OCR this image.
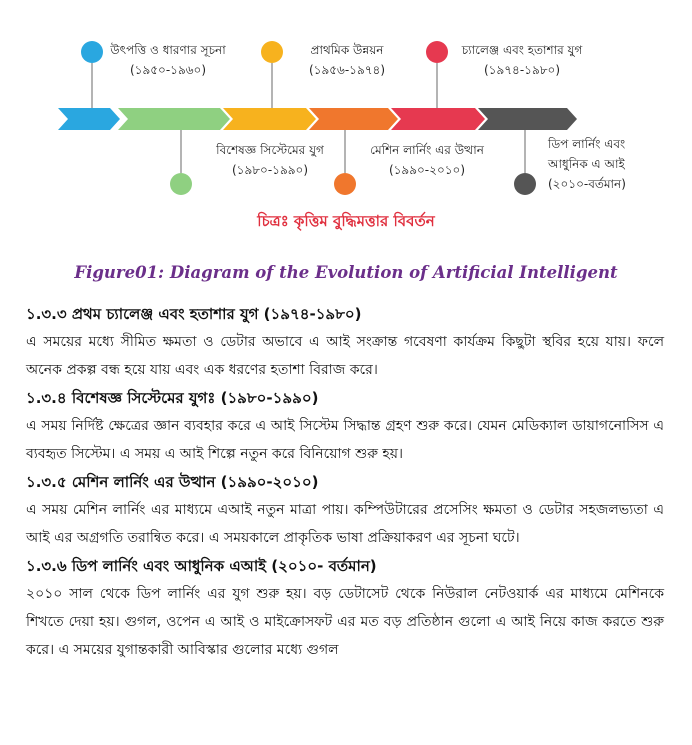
উৎপত্তি ও ধারণার সূচনা
(১৯৫০-১৯৬০)
প্রাথমিক উন্নয়ন
(১৯৫৬-১৯৭৪)
চ্যালেঞ্জ এবং হতাশার যুগ
(১৯৭৪-১৯৮০)
বিশেষজ্ঞ সিস্টেমের যুগ
(১৯৮০-১৯৯০)
মেশিন লার্নিং এর উত্থান
(১৯৯০-২০১০)
ডিপ লার্নিং এবং
আধুনিক এ আই
(২০১০-বর্তমান)
চিত্রঃ কৃত্তিম বুদ্ধিমত্তার বিবর্তন
Figure01: Diagram of the Evolution of Artificial Intelligent

১.৩.৩ প্রথম চ্যালেঞ্জ এবং হতাশার যুগ (১৯৭৪-১৯৮০)

এ সময়ের মধ্যে সীমিত ক্ষমতা ও ডেটার অভাবে এ আই সংক্রান্ত গবেষণা কার্যক্রম কিছুটা স্থবির হয়ে যায়। ফলে অনেক প্রকল্প বন্ধ হয়ে যায় এবং এক ধরণের হতাশা বিরাজ করে।

১.৩.৪ বিশেষজ্ঞ সিস্টেমের যুগঃ (১৯৮০-১৯৯০)

এ সময় নির্দিষ্ট ক্ষেত্রের জ্ঞান ব্যবহার করে এ আই সিস্টেম সিদ্ধান্ত গ্রহণ শুরু করে। যেমন মেডিক্যাল ডায়াগনোসিস এ ব্যবহৃত সিস্টেম। এ সময় এ আই শিল্পে নতুন করে বিনিয়োগ শুরু হয়।

১.৩.৫ মেশিন লার্নিং এর উত্থান (১৯৯০-২০১০)

এ সময় মেশিন লার্নিং এর মাধ্যমে এআই নতুন মাত্রা পায়। কম্পিউটারের প্রসেসিং ক্ষমতা ও ডেটার সহজলভ্যতা এ আই এর অগ্রগতি তরান্বিত করে। এ সময়কালে প্রাকৃতিক ভাষা প্রক্রিয়াকরণ এর সূচনা ঘটে।

১.৩.৬ ডিপ লার্নিং এবং আধুনিক এআই (২০১০- বর্তমান)

২০১০ সাল থেকে ডিপ লার্নিং এর যুগ শুরু হয়। বড় ডেটাসেট থেকে নিউরাল নেটওয়ার্ক এর মাধ্যমে মেশিনকে শিখতে দেয়া হয়। গুগল, ওপেন এ আই ও মাইক্রোসফট এর মত বড় প্রতিষ্ঠান গুলো এ আই নিয়ে কাজ করতে শুরু করে। এ সময়ের যুগান্তকারী আবিস্কার গুলোর মধ্যে গুগল
